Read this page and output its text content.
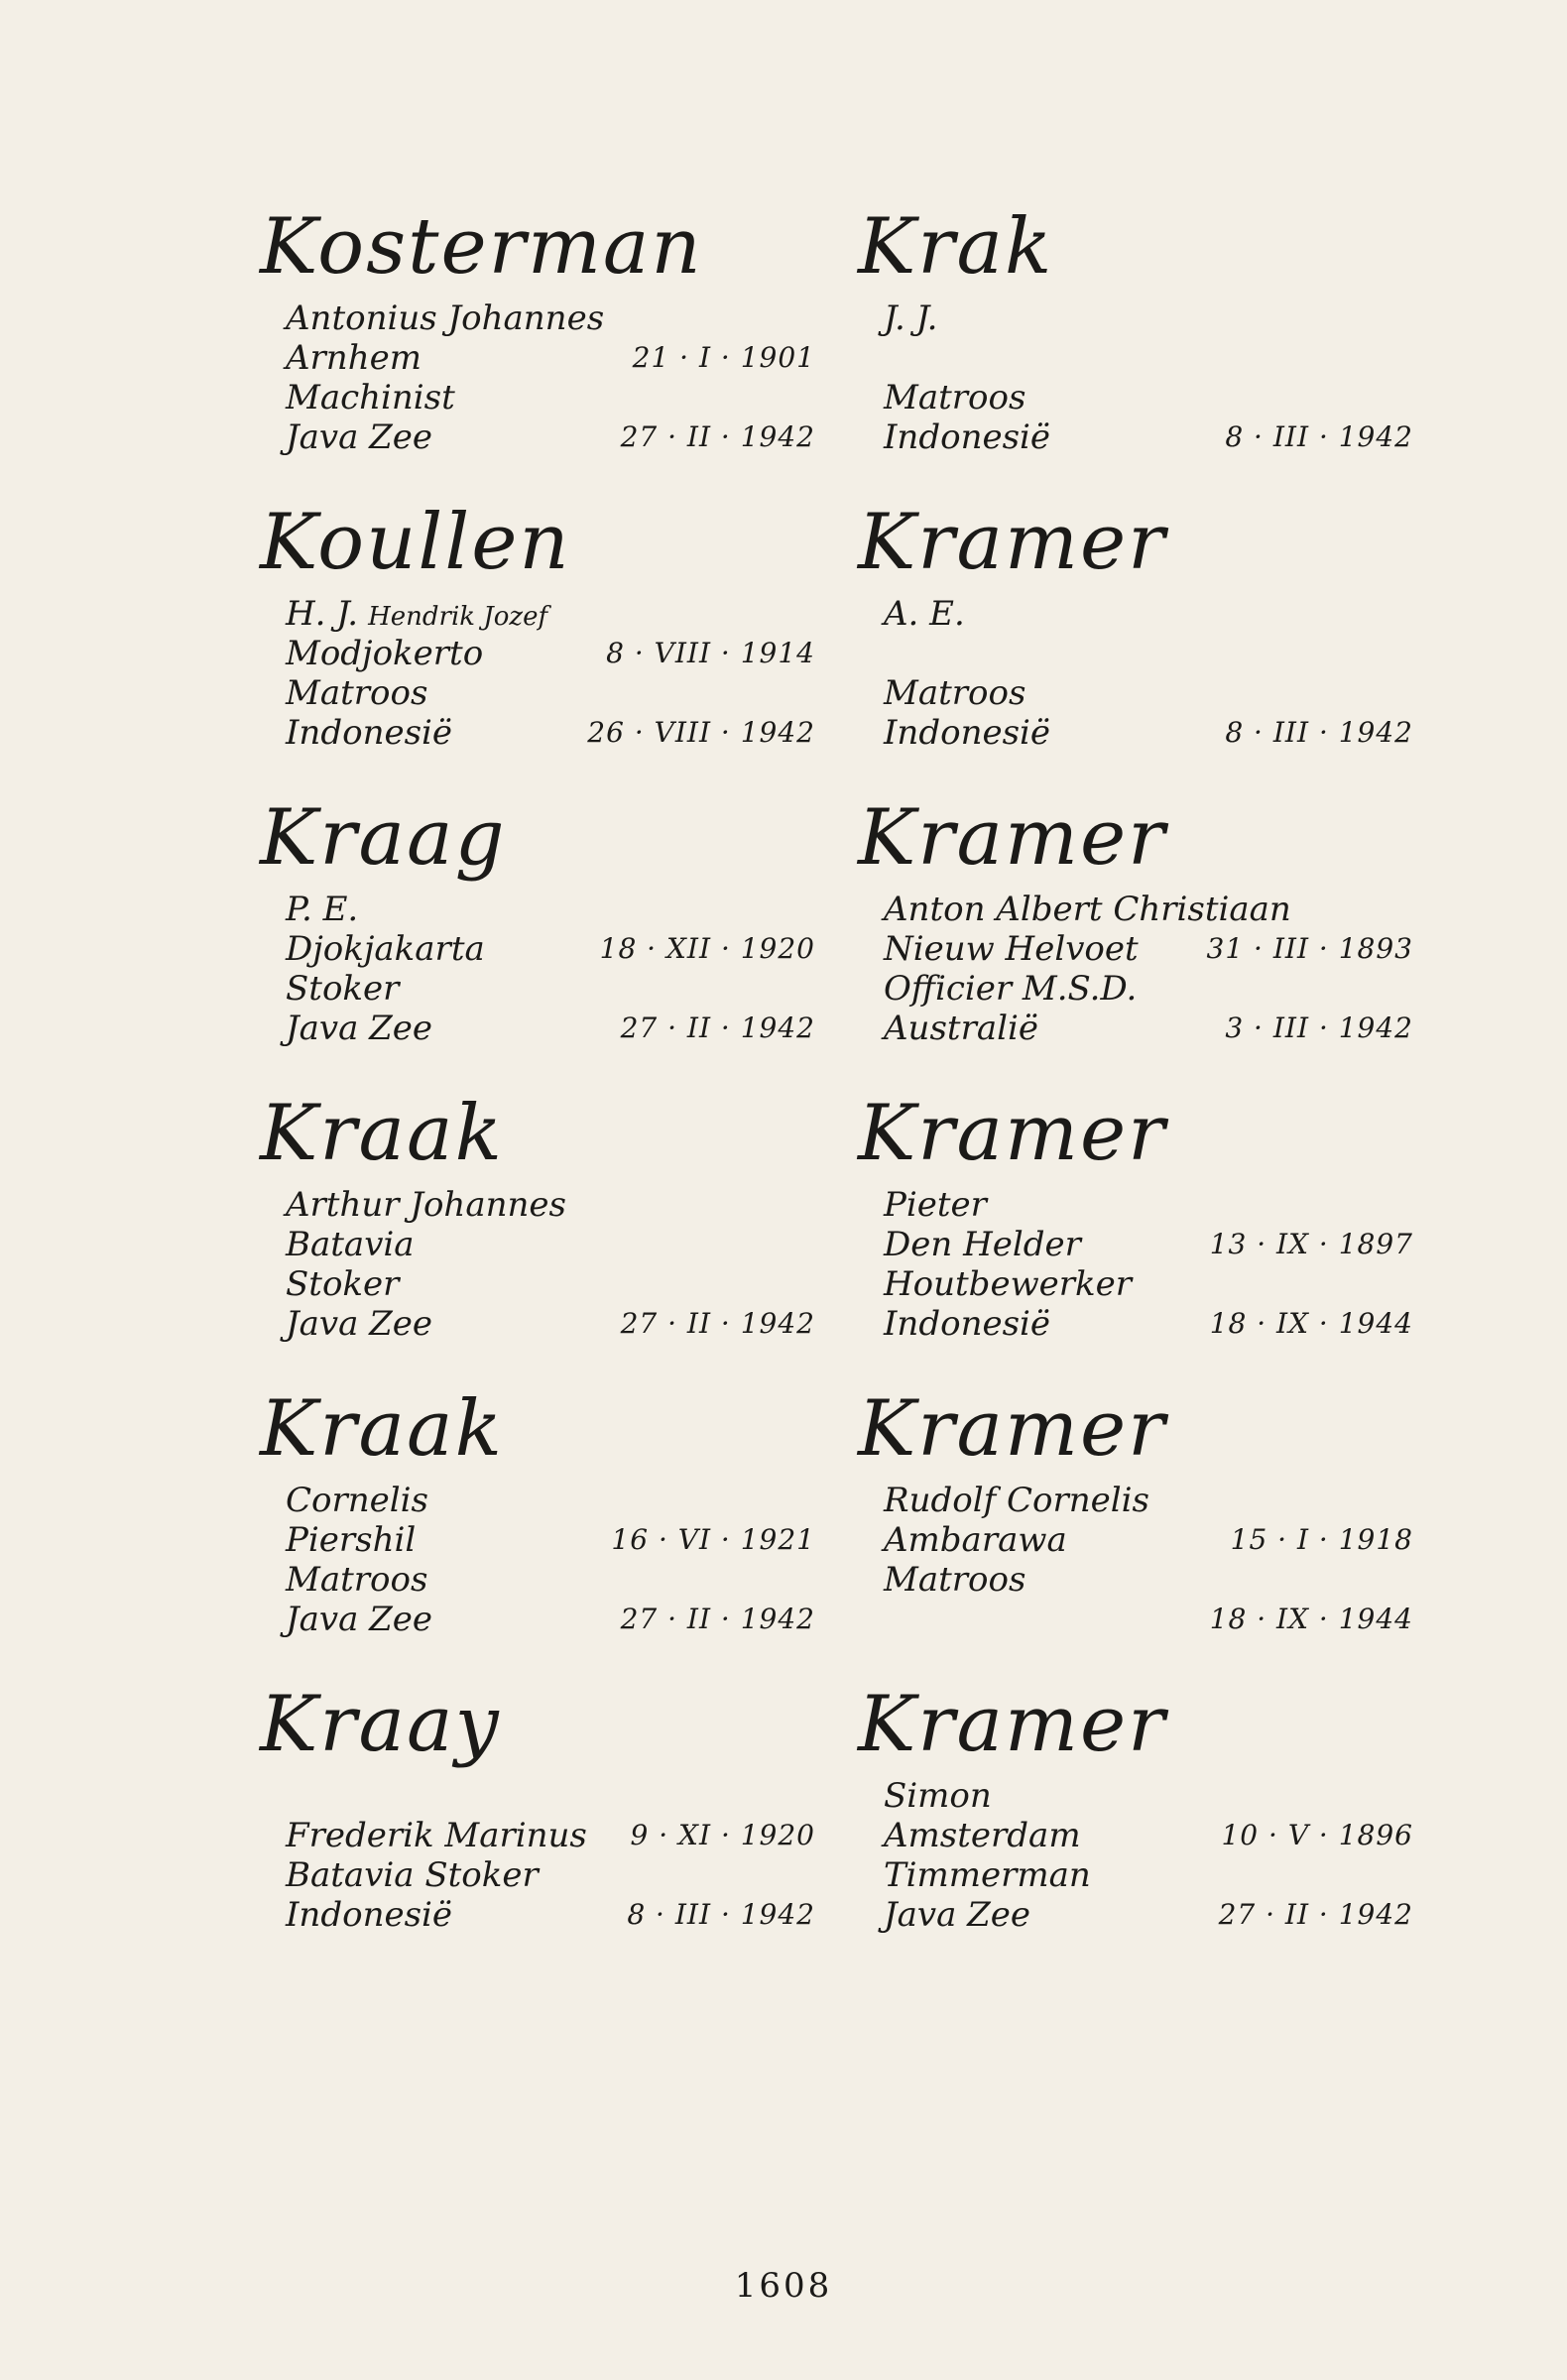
Kosterman
Antonius Johannes
Arnhem	21 · I · 1901
Machinist
Java Zee	27 · II · 1942
Koullen
H. J. Hendrik Jozef
Modjokerto	8 · VIII · 1914
Matroos
Indonesië	26 · VIII · 1942
Kraag
P. E.
Djokjakarta	18 · XII · 1920
Stoker
Java Zee	27 · II · 1942
Kraak
Arthur Johannes
Batavia
Stoker
Java Zee	27 · II · 1942
Kraak
Cornelis
Piershil	16 · VI · 1921
Matroos
Java Zee	27 · II · 1942
Kraay
Frederik Marinus	9 · XI · 1920
Batavia Stoker
Indonesië	8 · III · 1942
Krak
J. J.
Matroos
Indonesië	8 · III · 1942
Kramer
A. E.
Matroos
Indonesië	8 · III · 1942
Kramer
Anton Albert Christiaan
Nieuw Helvoet	31 · III · 1893
Officier M.S.D.
Australië	3 · III · 1942
Kramer
Pieter
Den Helder	13 · IX · 1897
Houtbewerker
Indonesië	18 · IX · 1944
Kramer
Rudolf Cornelis
Ambarawa	15 · I · 1918
Matroos
18 · IX · 1944
Kramer
Simon
Amsterdam	10 · V · 1896
Timmerman
Java Zee	27 · II · 1942
1608
